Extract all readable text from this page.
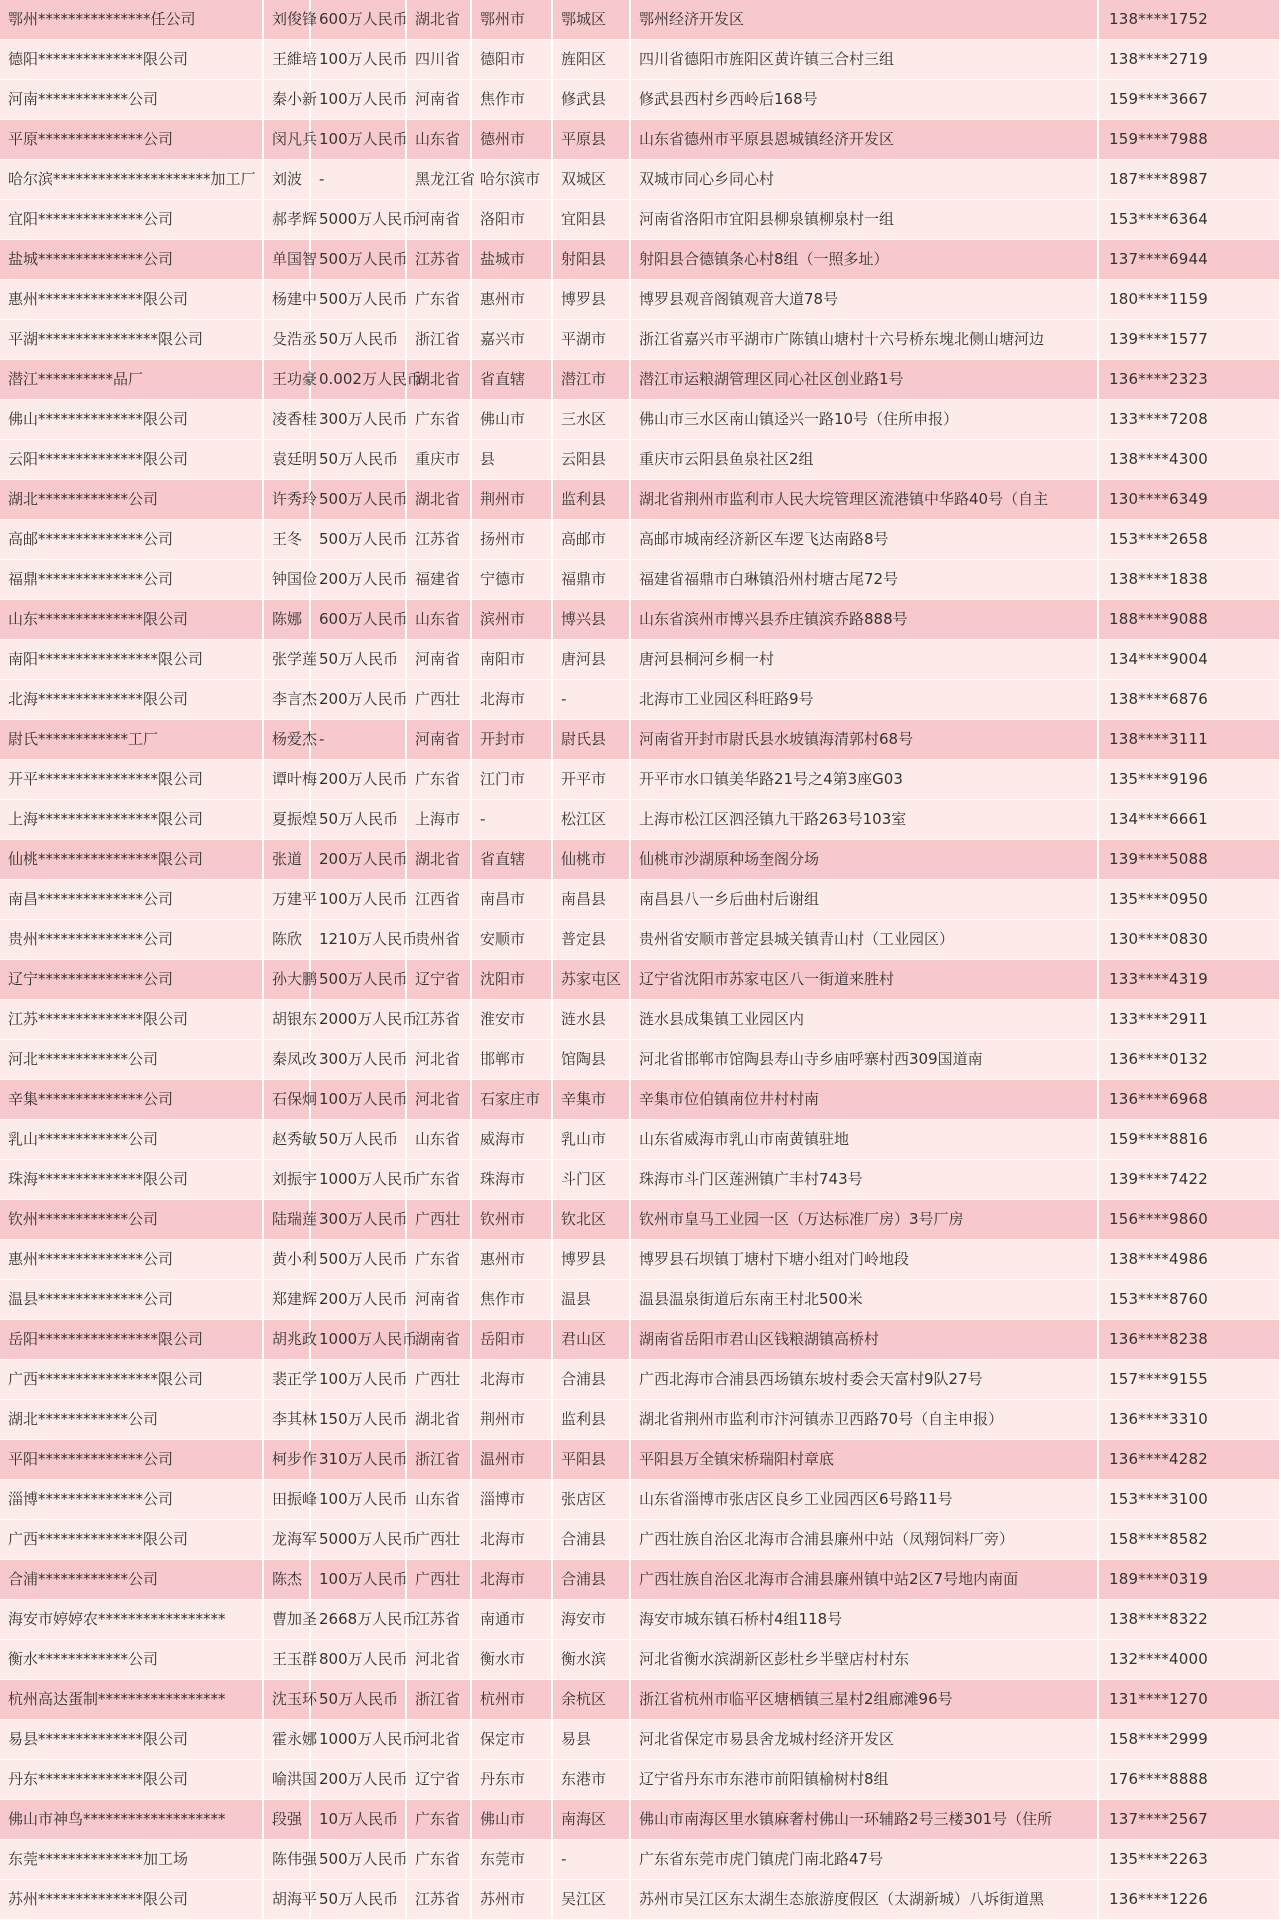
鄂州***************任公司	刘俊锋	600万人民币	湖北省	鄂州市	鄂城区	鄂州经济开发区	138****1752
德阳**************限公司	王維培	100万人民币	四川省	德阳市	旌阳区	四川省德阳市旌阳区黄许镇三合村三组	138****2719
河南************公司	秦小新	100万人民币	河南省	焦作市	修武县	修武县西村乡西岭后168号	159****3667
平原**************公司	闵凡兵	100万人民币	山东省	德州市	平原县	山东省德州市平原县恩城镇经济开发区	159****7988
哈尔滨*********************加工厂	刘波	-	黑龙江省	哈尔滨市	双城区	双城市同心乡同心村	187****8987
宜阳**************公司	郝孝辉	5000万人民币	河南省	洛阳市	宜阳县	河南省洛阳市宜阳县柳泉镇柳泉村一组	153****6364
盐城**************公司	单国智	500万人民币	江苏省	盐城市	射阳县	射阳县合德镇条心村8组（一照多址）	137****6944
惠州**************限公司	杨建中	500万人民币	广东省	惠州市	博罗县	博罗县观音阁镇观音大道78号	180****1159
平湖****************限公司	殳浩丞	50万人民币	浙江省	嘉兴市	平湖市	浙江省嘉兴市平湖市广陈镇山塘村十六号桥东塊北侧山塘河边	139****1577
潜江**********品厂	王功豪	0.002万人民币	湖北省	省直辖	潜江市	潜江市运粮湖管理区同心社区创业路1号	136****2323
佛山**************限公司	凌香桂	300万人民币	广东省	佛山市	三水区	佛山市三水区南山镇迳兴一路10号（住所申报）	133****7208
云阳**************限公司	袁廷明	50万人民币	重庆市	县	云阳县	重庆市云阳县鱼泉社区2组	138****4300
湖北************公司	许秀玲	500万人民币	湖北省	荆州市	监利县	湖北省荆州市监利市人民大垸管理区流港镇中华路40号（自主	130****6349
高邮**************公司	王冬	500万人民币	江苏省	扬州市	高邮市	高邮市城南经济新区车逻飞达南路8号	153****2658
福鼎**************公司	钟国俭	200万人民币	福建省	宁德市	福鼎市	福建省福鼎市白琳镇沿州村塘古尾72号	138****1838
山东**************限公司	陈娜	600万人民币	山东省	滨州市	博兴县	山东省滨州市博兴县乔庄镇滨乔路888号	188****9088
南阳****************限公司	张学莲	50万人民币	河南省	南阳市	唐河县	唐河县桐河乡桐一村	134****9004
北海**************限公司	李言杰	200万人民币	广西壮	北海市	-	北海市工业园区科旺路9号	138****6876
尉氏************工厂	杨爱杰	-	河南省	开封市	尉氏县	河南省开封市尉氏县水坡镇海清郭村68号	138****3111
开平****************限公司	谭叶梅	200万人民币	广东省	江门市	开平市	开平市水口镇美华路21号之4第3座G03	135****9196
上海****************限公司	夏振煌	50万人民币	上海市	-	松江区	上海市松江区泗泾镇九干路263号103室	134****6661
仙桃****************限公司	张道	200万人民币	湖北省	省直辖	仙桃市	仙桃市沙湖原种场奎阁分场	139****5088
南昌**************公司	万建平	100万人民币	江西省	南昌市	南昌县	南昌县八一乡后曲村后谢组	135****0950
贵州**************公司	陈欣	1210万人民币	贵州省	安顺市	普定县	贵州省安顺市普定县城关镇青山村（工业园区）	130****0830
辽宁**************公司	孙大鹏	500万人民币	辽宁省	沈阳市	苏家屯区	辽宁省沈阳市苏家屯区八一街道来胜村	133****4319
江苏**************限公司	胡银东	2000万人民币	江苏省	淮安市	涟水县	涟水县成集镇工业园区内	133****2911
河北************公司	秦凤改	300万人民币	河北省	邯郸市	馆陶县	河北省邯郸市馆陶县寿山寺乡庙呼寨村西309国道南	136****0132
辛集**************公司	石保炯	100万人民币	河北省	石家庄市	辛集市	辛集市位伯镇南位井村村南	136****6968
乳山************公司	赵秀敏	50万人民币	山东省	威海市	乳山市	山东省威海市乳山市南黄镇驻地	159****8816
珠海**************限公司	刘振宇	1000万人民币	广东省	珠海市	斗门区	珠海市斗门区莲洲镇广丰村743号	139****7422
钦州************公司	陆瑞莲	300万人民币	广西壮	钦州市	钦北区	钦州市皇马工业园一区（万达标准厂房）3号厂房	156****9860
惠州**************公司	黄小利	500万人民币	广东省	惠州市	博罗县	博罗县石坝镇丁塘村下塘小组对门岭地段	138****4986
温县**************公司	郑建辉	200万人民币	河南省	焦作市	温县	温县温泉街道后东南王村北500米	153****8760
岳阳****************限公司	胡兆政	1000万人民币	湖南省	岳阳市	君山区	湖南省岳阳市君山区钱粮湖镇高桥村	136****8238
广西****************限公司	裴正学	100万人民币	广西壮	北海市	合浦县	广西北海市合浦县西场镇东坡村委会天富村9队27号	157****9155
湖北************公司	李其林	150万人民币	湖北省	荆州市	监利县	湖北省荆州市监利市汴河镇赤卫西路70号（自主申报）	136****3310
平阳**************公司	柯步作	310万人民币	浙江省	温州市	平阳县	平阳县万全镇宋桥瑞阳村章底	136****4282
淄博**************公司	田振峰	100万人民币	山东省	淄博市	张店区	山东省淄博市张店区良乡工业园西区6号路11号	153****3100
广西**************限公司	龙海军	5000万人民币	广西壮	北海市	合浦县	广西壮族自治区北海市合浦县廉州中站（凤翔饲料厂旁）	158****8582
合浦************公司	陈杰	100万人民币	广西壮	北海市	合浦县	广西壮族自治区北海市合浦县廉州镇中站2区7号地内南面	189****0319
海安市婷婷农*****************	曹加圣	2668万人民币	江苏省	南通市	海安市	海安市城东镇石桥村4组118号	138****8322
衡水************公司	王玉群	800万人民币	河北省	衡水市	衡水滨	河北省衡水滨湖新区彭杜乡半壁店村村东	132****4000
杭州高达蛋制*****************	沈玉环	50万人民币	浙江省	杭州市	余杭区	浙江省杭州市临平区塘栖镇三星村2组廊滩96号	131****1270
易县**************限公司	霍永娜	1000万人民币	河北省	保定市	易县	河北省保定市易县舍龙城村经济开发区	158****2999
丹东**************限公司	喻洪国	200万人民币	辽宁省	丹东市	东港市	辽宁省丹东市东港市前阳镇榆树村8组	176****8888
佛山市神鸟*******************	段强	10万人民币	广东省	佛山市	南海区	佛山市南海区里水镇麻奢村佛山一环辅路2号三楼301号（住所	137****2567
东莞**************加工场	陈伟强	500万人民币	广东省	东莞市	-	广东省东莞市虎门镇虎门南北路47号	135****2263
苏州**************限公司	胡海平	50万人民币	江苏省	苏州市	吴江区	苏州市吴江区东太湖生态旅游度假区（太湖新城）八坼街道黑	136****1226
